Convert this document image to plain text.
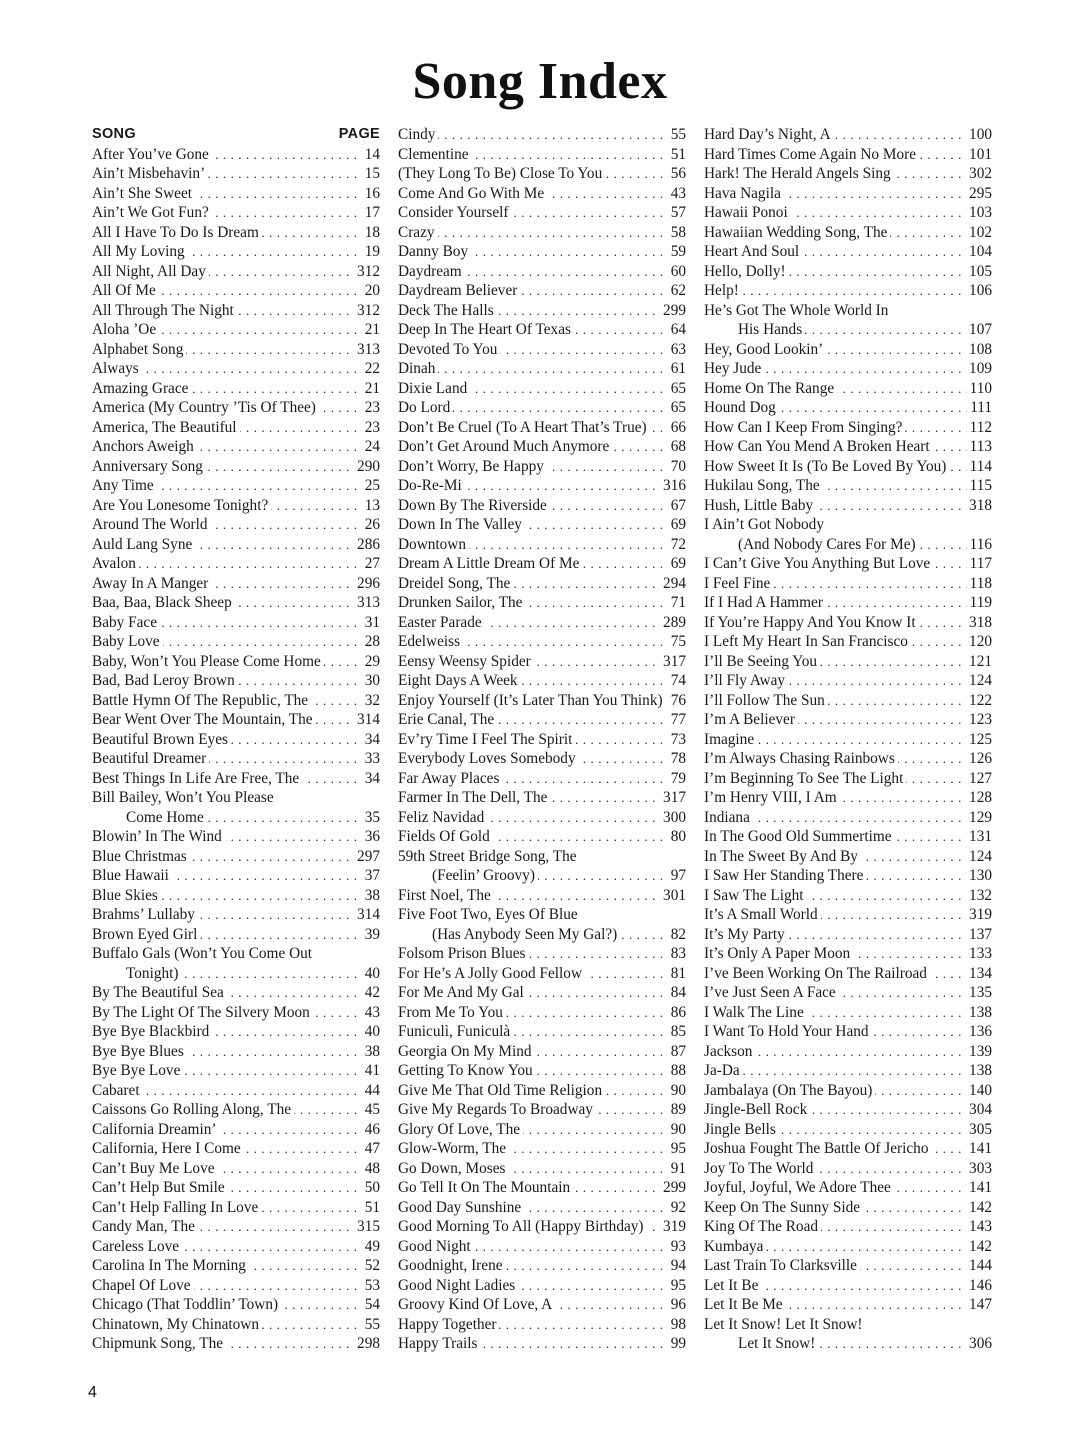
Song Index
SONG	PAGE
. . . After You’ve Gone	14
. . . Ain’t Misbehavin’	15
. . . Ain’t She Sweet	16
. . . Ain’t We Got Fun?	17
. . . All I Have To Do Is Dream	18
. . . All My Loving	19
. . . All Night, All Day	312
. . . All Of Me	20
. . . All Through The Night	312
. . . Aloha ’Oe	21
. . . Alphabet Song	313
. . . Always	22
. . . Amazing Grace	21
. . . America (My Country ’Tis Of Thee)	23
. . . America, The Beautiful	23
. . . Anchors Aweigh	24
. . . Anniversary Song	290
. . . Any Time	25
. . . Are You Lonesome Tonight?	13
. . . Around The World	26
. . . Auld Lang Syne	286
. . . Avalon	27
. . . Away In A Manger	296
. . . Baa, Baa, Black Sheep	313
. . . Baby Face	31
. . . Baby Love	28
. . . Baby, Won’t You Please Come Home	29
. . . Bad, Bad Leroy Brown	30
. . . Battle Hymn Of The Republic, The	32
. . . Bear Went Over The Mountain, The	314
. . . Beautiful Brown Eyes	34
. . . Beautiful Dreamer	33
. . . Best Things In Life Are Free, The	34
Bill Bailey, Won’t You Please
. . . Come Home	35
. . . Blowin’ In The Wind	36
. . . Blue Christmas	297
. . . Blue Hawaii	37
. . . Blue Skies	38
. . . Brahms’ Lullaby	314
. . . Brown Eyed Girl	39
Buffalo Gals (Won’t You Come Out
. . . Tonight)	40
. . . By The Beautiful Sea	42
. . . By The Light Of The Silvery Moon	43
. . . Bye Bye Blackbird	40
. . . Bye Bye Blues	38
. . . Bye Bye Love	41
. . . Cabaret	44
. . . Caissons Go Rolling Along, The	45
. . . California Dreamin’	46
. . . California, Here I Come	47
. . . Can’t Buy Me Love	48
. . . Can’t Help But Smile	50
. . . Can’t Help Falling In Love	51
. . . Candy Man, The	315
. . . Careless Love	49
. . . Carolina In The Morning	52
. . . Chapel Of Love	53
. . . Chicago (That Toddlin’ Town)	54
. . . Chinatown, My Chinatown	55
. . . Chipmunk Song, The	298
. . . Cindy	55
. . . Clementine	51
. . . (They Long To Be) Close To You	56
. . . Come And Go With Me	43
. . . Consider Yourself	57
. . . Crazy	58
. . . Danny Boy	59
. . . Daydream	60
. . . Daydream Believer	62
. . . Deck The Halls	299
. . . Deep In The Heart Of Texas	64
. . . Devoted To You	63
. . . Dinah	61
. . . Dixie Land	65
. . . Do Lord	65
. . . Don’t Be Cruel (To A Heart That’s True) 66
. . . Don’t Get Around Much Anymore	68
. . . Don’t Worry, Be Happy	70
. . . Do-Re-Mi	316
. . . Down By The Riverside	67
. . . Down In The Valley	69
. . . Downtown	72
. . . Dream A Little Dream Of Me	69
. . . Dreidel Song, The	294
. . . Drunken Sailor, The	71
. . . Easter Parade	289
. . . Edelweiss	75
. . . Eensy Weensy Spider	317
. . . Eight Days A Week	74
. . . Enjoy Yourself (It’s Later Than You Think) 76
. . . Erie Canal, The	77
. . . Ev’ry Time I Feel The Spirit	73
. . . Everybody Loves Somebody	78
. . . Far Away Places	79
. . . Farmer In The Dell, The	317
. . . Feliz Navidad	300
. . . Fields Of Gold	80
59th Street Bridge Song, The
. . . (Feelin’ Groovy)	97
. . . First Noel, The	301
Five Foot Two, Eyes Of Blue
. . . (Has Anybody Seen My Gal?)	82
. . . Folsom Prison Blues	83
. . . For He’s A Jolly Good Fellow	81
. . . For Me And My Gal	84
. . . From Me To You	86
. . . Funiculì, Funiculà	85
. . . Georgia On My Mind	87
. . . Getting To Know You	88
. . . Give Me That Old Time Religion	90
. . . Give My Regards To Broadway	89
. . . Glory Of Love, The	90
. . . Glow-Worm, The	95
. . . Go Down, Moses	91
. . . Go Tell It On The Mountain	299
. . . Good Day Sunshine	92
. . . Good Morning To All (Happy Birthday) 319
. . . Good Night	93
. . . Goodnight, Irene	94
. . . Good Night Ladies	95
. . . Groovy Kind Of Love, A	96
. . . Happy Together	98
. . . Happy Trails	99
. . . Hard Day’s Night, A	100
. . . Hard Times Come Again No More	101
. . . Hark! The Herald Angels Sing	302
. . . Hava Nagila	295
. . . Hawaii Ponoi	103
. . . Hawaiian Wedding Song, The	102
. . . Heart And Soul	104
. . . Hello, Dolly!	105
. . . Help!	106
He’s Got The Whole World In
. . . His Hands	107
. . . Hey, Good Lookin’	108
. . . Hey Jude	109
. . . Home On The Range	110
. . . Hound Dog	111
. . . How Can I Keep From Singing?	112
. . . How Can You Mend A Broken Heart	113
. . . How Sweet It Is (To Be Loved By You) 114
. . . Hukilau Song, The	115
. . . Hush, Little Baby	318
I Ain’t Got Nobody
. . . (And Nobody Cares For Me)	116
. . . I Can’t Give You Anything But Love	117
. . . I Feel Fine	118
. . . If I Had A Hammer	119
. . . If You’re Happy And You Know It	318
. . . I Left My Heart In San Francisco	120
. . . I’ll Be Seeing You	121
. . . I’ll Fly Away	124
. . . I’ll Follow The Sun	122
. . . I’m A Believer	123
. . . Imagine	125
. . . I’m Always Chasing Rainbows	126
. . . I’m Beginning To See The Light	127
. . . I’m Henry VIII, I Am	128
. . . Indiana	129
. . . In The Good Old Summertime	131
. . . In The Sweet By And By	124
. . . I Saw Her Standing There	130
. . . I Saw The Light	132
. . . It’s A Small World	319
. . . It’s My Party	137
. . . It’s Only A Paper Moon	133
. . . I’ve Been Working On The Railroad	134
. . . I’ve Just Seen A Face	135
. . . I Walk The Line	138
. . . I Want To Hold Your Hand	136
. . . Jackson	139
. . . Ja-Da	138
. . . Jambalaya (On The Bayou)	140
. . . Jingle-Bell Rock	304
. . . Jingle Bells	305
. . . Joshua Fought The Battle Of Jericho	141
. . . Joy To The World	303
. . . Joyful, Joyful, We Adore Thee	141
. . . Keep On The Sunny Side	142
. . . King Of The Road	143
. . . Kumbaya	142
. . . Last Train To Clarksville	144
. . . Let It Be	146
. . . Let It Be Me	147
Let It Snow! Let It Snow!
. . . Let It Snow!	306
4
